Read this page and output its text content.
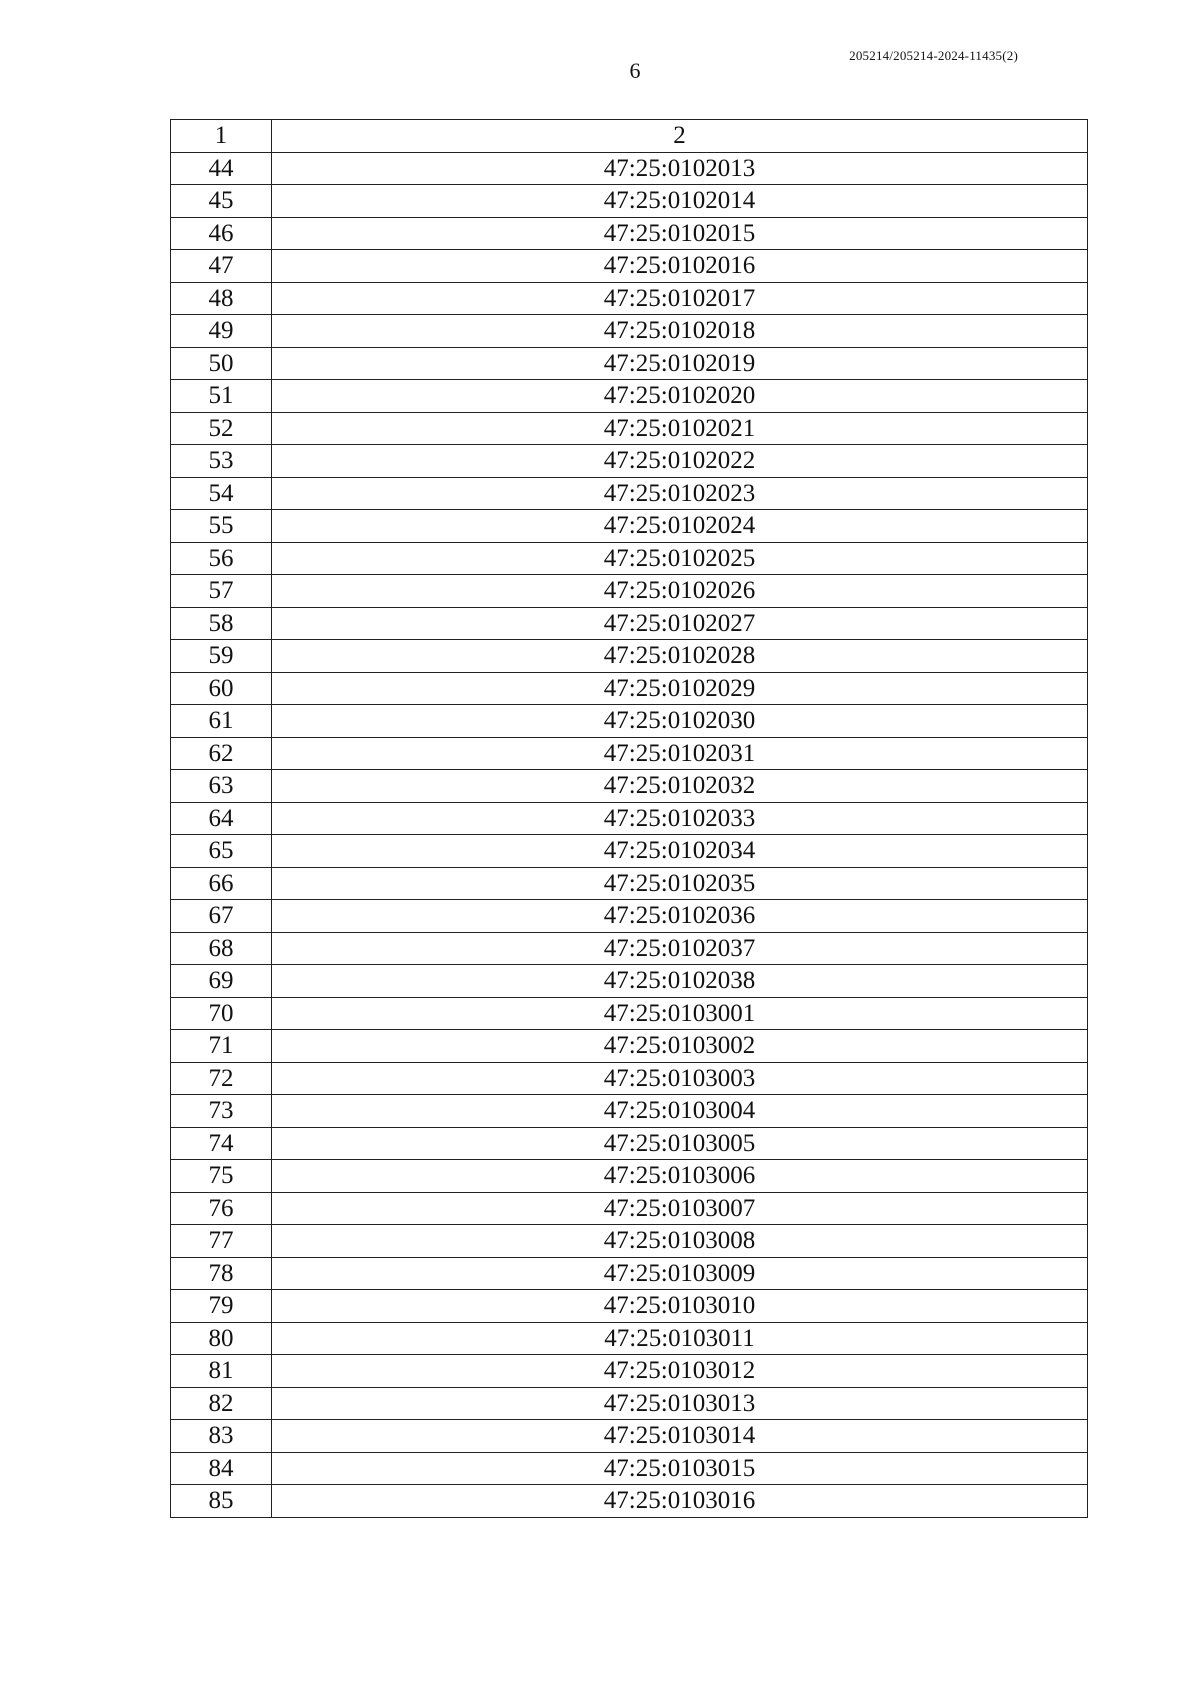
6
205214/205214-2024-11435(2)
1	2
44	47:25:0102013
45	47:25:0102014
46	47:25:0102015
47	47:25:0102016
48	47:25:0102017
49	47:25:0102018
50	47:25:0102019
51	47:25:0102020
52	47:25:0102021
53	47:25:0102022
54	47:25:0102023
55	47:25:0102024
56	47:25:0102025
57	47:25:0102026
58	47:25:0102027
59	47:25:0102028
60	47:25:0102029
61	47:25:0102030
62	47:25:0102031
63	47:25:0102032
64	47:25:0102033
65	47:25:0102034
66	47:25:0102035
67	47:25:0102036
68	47:25:0102037
69	47:25:0102038
70	47:25:0103001
71	47:25:0103002
72	47:25:0103003
73	47:25:0103004
74	47:25:0103005
75	47:25:0103006
76	47:25:0103007
77	47:25:0103008
78	47:25:0103009
79	47:25:0103010
80	47:25:0103011
81	47:25:0103012
82	47:25:0103013
83	47:25:0103014
84	47:25:0103015
85	47:25:0103016
